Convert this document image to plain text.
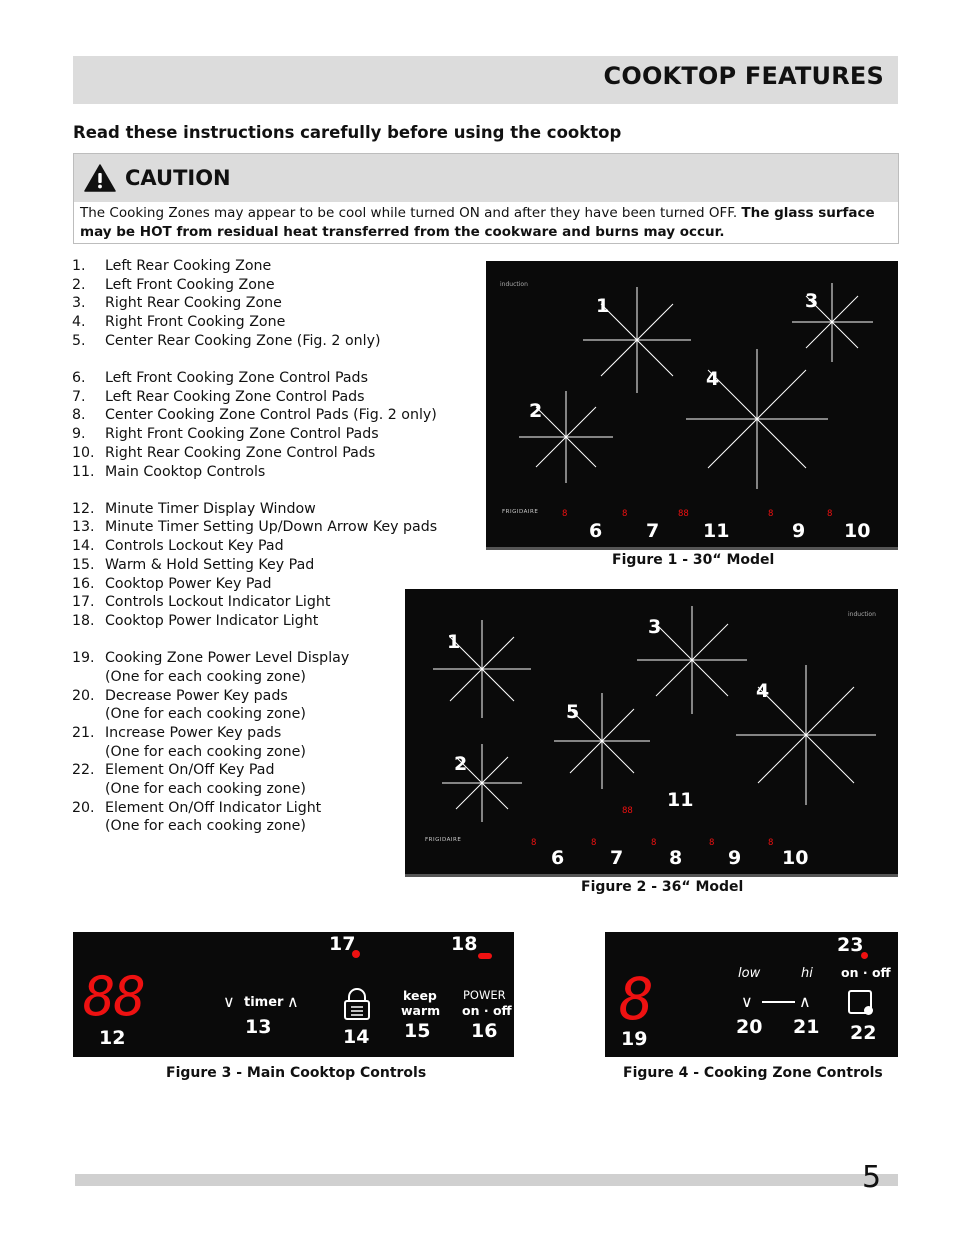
COOKTOP FEATURES
Read these instructions carefully before using the cooktop
CAUTION
The Cooking Zones may appear to be cool while turned ON and after they have been turned OFF. The glass surface may be HOT from residual heat transferred from the cookware and burns may occur.
1.	Left Rear Cooking Zone
2.	Left Front Cooking Zone
3.	Right Rear Cooking Zone
4.	Right Front Cooking Zone
5.	Center Rear Cooking Zone (Fig. 2 only)
6.	Left Front Cooking Zone Control Pads
7.	Left Rear Cooking Zone Control Pads
8.	Center Cooking Zone Control Pads (Fig. 2 only)
9.	Right Front Cooking Zone Control Pads
10. Right Rear Cooking Zone Control Pads
11. Main Cooktop Controls
12. Minute Timer Display Window
13. Minute Timer Setting Up/Down Arrow Key pads
14. Controls Lockout Key Pad
15. Warm & Hold Setting Key Pad
16. Cooktop Power Key Pad
17. Controls Lockout Indicator Light
18. Cooktop Power Indicator Light
19. Cooking Zone Power Level Display
(One for each cooking zone)
20. Decrease Power Key pads
(One for each cooking zone)
21. Increase Power Key pads
(One for each cooking zone)
22. Element On/Off Key Pad
(One for each cooking zone)
20. Element On/Off Indicator Light
(One for each cooking zone)
1
2
3
4
induction
FRIGIDAIRE	8	8	88	8	8
6 7 11	9 10
Figure 1 - 30“ Model
1
2
3
4
5
11
induction
FRIGIDAIRE
88
8	8	8	8	8
6 7 8 9 10
Figure 2 - 36“ Model
88
12
∨ timer ∧
13	14
17
keep
warm
15
POWER
on · off
16
18
Figure 3 - Main Cooktop Controls
8
19
low	hi
∨	∧
20 21
on · off
22
23
Figure 4 - Cooking Zone Controls
5
